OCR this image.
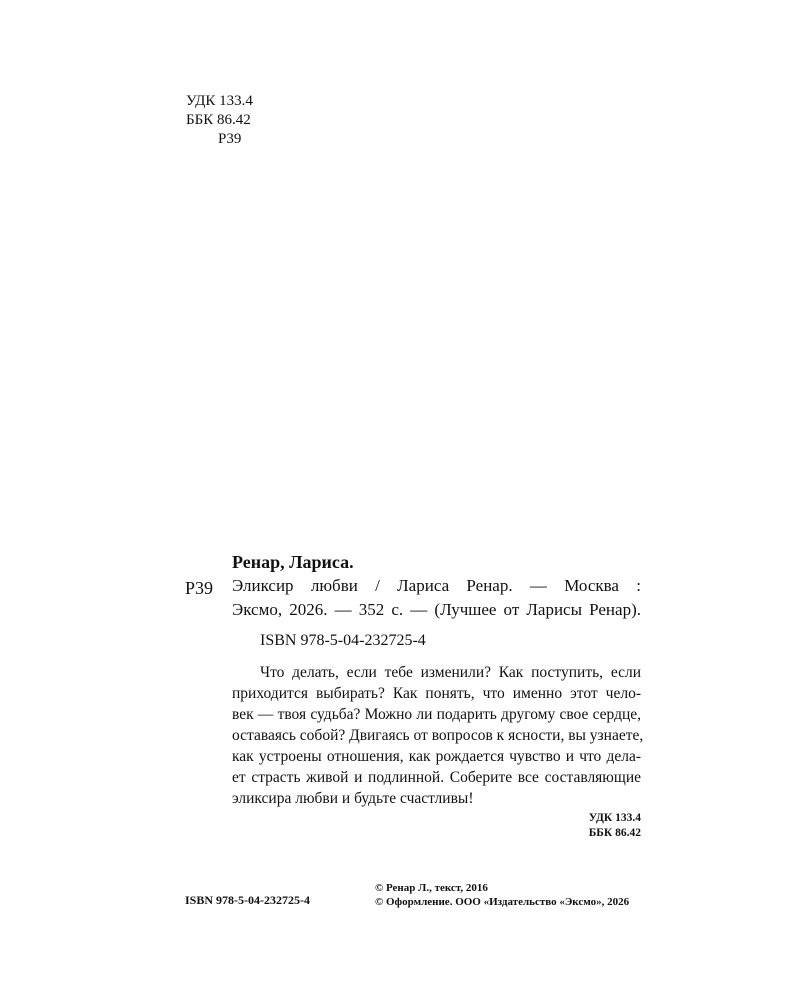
УДК 133.4
ББК 86.42
Р39
Ренар, Лариса.
Р39 Эликсир любви / Лариса Ренар. — Москва :
Эксмо, 2026. — 352 с. — (Лучшее от Ларисы Ренар).
ISBN 978-5-04-232725-4
Что делать, если тебе изменили? Как поступить, если
приходится выбирать? Как понять, что именно этот чело-
век — твоя судьба? Можно ли подарить другому свое сердце,
оставаясь собой? Двигаясь от вопросов к ясности, вы узнаете,
как устроены отношения, как рождается чувство и что дела-
ет страсть живой и подлинной. Соберите все составляющие
эликсира любви и будьте счастливы!
УДК 133.4
ББК 86.42
ISBN 978-5-04-232725-4
© Ренар Л., текст, 2016
© Оформление. ООО «Издательство «Эксмо», 2026
